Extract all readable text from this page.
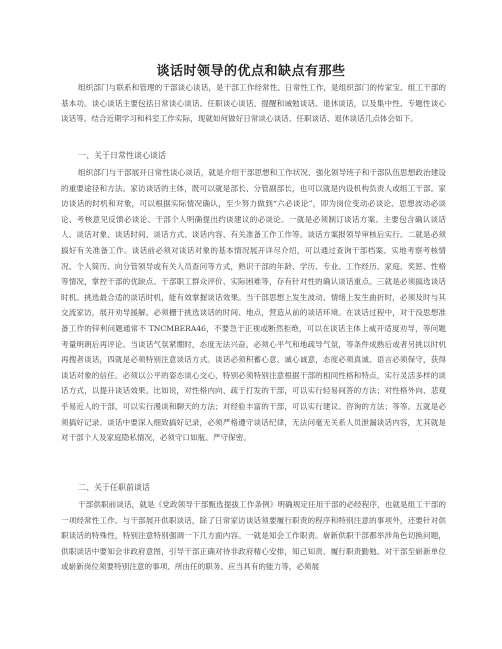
谈话时领导的优点和缺点有那些
组织部门与联系和管理的干部谈心谈话，是干部工作经常性、日常性工作，是组织部门的传家宝、组工干部的基本功。谈心谈话主要包括日常谈心谈话、任职谈心谈话、提醒和诫勉谈话、退休谈话，以及集中性、专题性谈心谈话等。结合近期学习和科室工作实际，现就如何做好日常谈心谈话、任职谈话、退休谈话几点体会如下。
一、关于日常性谈心谈话
组织部门与干部展开日常性谈心谈话，就是介绍干部思想和工作状况、强化领导班子和干部队伍思想政治建设的重要途径和方法。家访谈话的主体，既可以就是部长、分管副部长，也可以就是内设机构负责人或组工干部。家访谈话的时机和对象，可以根据实际情况确认，至少努力做到“六必谈论”，即为岗位变动必谈论、思想波动必谈论、考核意见反馈必谈论、干部个人明确提出约谈建议的必谈论。一就是必须制订谈话方案。主要包含确认谈话人、谈话对象、谈话时间、谈话方式、谈话内容、有关准备工作工作等。谈话方案报领导审核后实行。二就是必须搞好有关准备工作。谈话前必须对谈话对象的基本情况展开详尽介绍，可以通过查询干部档案、实地考察考核情况、个人简历、向分管领导或有关人员查问等方式，熟识干部的年龄、学历、专业、工作经历、家庭、奖惩、性格等情况，掌控干部的优缺点、干部职工群众评价、实际困难等，存有针对性的确认谈话重点。三就是必须搞选谈话时机。挑选最合适的谈话时机，能有效掌握谈话效果。当干部思想上发生波动、情绪上发生曲折时，必须及时与其交流家访，展开劝导援解。必须栅于挑选谈话的时间、地点，营造从前的谈话环境。在谈话过程中，对于没思想准备工作的锌利问题通常不 TNCMBERA46，不要急于正视或断然拒绝，可以在谈话主体上威开适度劝导，等问题考量明朗后再评论。当谈话气氛紧绷时，态度无法兴奋，必须心平气和地疏导气氛，等条件成熟后或者另挑以时机再搜者谈话，四就是必须特别注意谈话方式。谈话必须积蓄心意、诚心诚意，态度必须真诚、语言必须保守，获得谈话对象的信任。必须以公平的姿态谈心交心，特别必须特别注意根据干部的相同性格和特点，实行灵活多样的谈话方式，以提升谈话效果。比如说，对性格内向、疏于打发的干部，可以实行轻易间答的方法；对性格外向、悲观乎易近人的干部，可以实行漫谈和聊天的方法；对经验丰富的干部，可以实行建议、咨询的方法；等等。五就是必须搞好记录。谈话中要深入细致搞好记录，必须严格遵守谈话纪律，无法问毫无关系人员泄漏谈话内容，尤其就是对干部个人及家庭隐私情况，必须守口如瓶、严守保密。
二、关于任职前谈话
干部供职前谈话，就是《党政领导干部甄选提拔工作条例》明确规定任用干部的必经程序，也就是组工干部的一项经常性工作。与干部展开供职谈话，除了日常家访谈话须要履行职责的程序和特别注意的事项外，还要针对供职谈话的特殊性，特别注意特别强调一下几方面内容。一就是知会工作职责。崭新供职干部都举涉角色切换问题，供职谈话中要知会非政府意图，引导干部正确对待非政府精心安排，知己知责、履行职责勤勉。对干部至崭新单位或崭新岗位须要特别注意的事项、所由任的职务、应当具有的能力等，必须展
